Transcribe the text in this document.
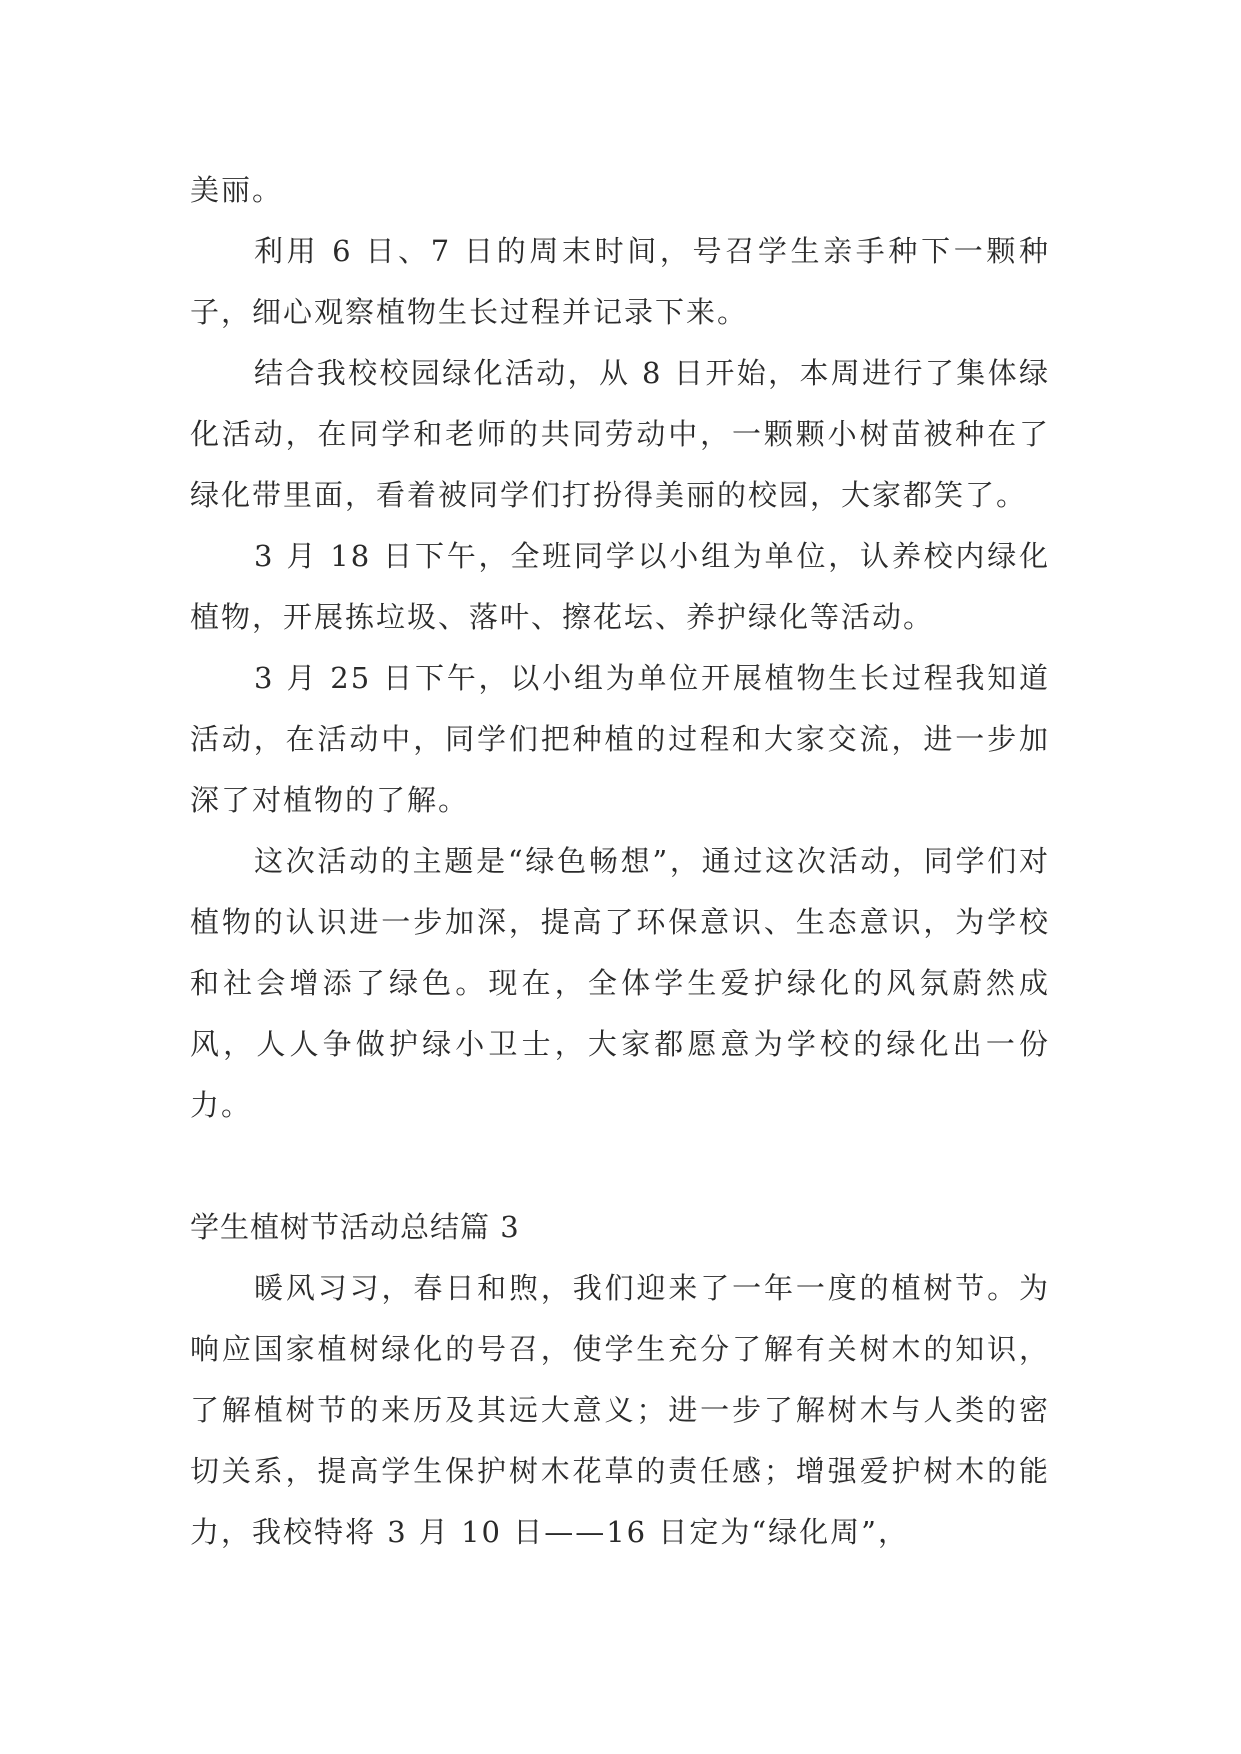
美丽。

利用 6 日、7 日的周末时间，号召学生亲手种下一颗种子，细心观察植物生长过程并记录下来。

结合我校校园绿化活动，从 8 日开始，本周进行了集体绿化活动，在同学和老师的共同劳动中，一颗颗小树苗被种在了绿化带里面，看着被同学们打扮得美丽的校园，大家都笑了。

3 月 18 日下午，全班同学以小组为单位，认养校内绿化植物，开展拣垃圾、落叶、擦花坛、养护绿化等活动。

3 月 25 日下午，以小组为单位开展植物生长过程我知道活动，在活动中，同学们把种植的过程和大家交流，进一步加深了对植物的了解。

这次活动的主题是“绿色畅想”，通过这次活动，同学们对植物的认识进一步加深，提高了环保意识、生态意识，为学校和社会增添了绿色。现在，全体学生爱护绿化的风氛蔚然成风，人人争做护绿小卫士，大家都愿意为学校的绿化出一份力。

学生植树节活动总结篇 3

暖风习习，春日和煦，我们迎来了一年一度的植树节。为响应国家植树绿化的号召，使学生充分了解有关树木的知识，了解植树节的来历及其远大意义；进一步了解树木与人类的密切关系，提高学生保护树木花草的责任感；增强爱护树木的能力，我校特将 3 月 10 日——16 日定为“绿化周”，
